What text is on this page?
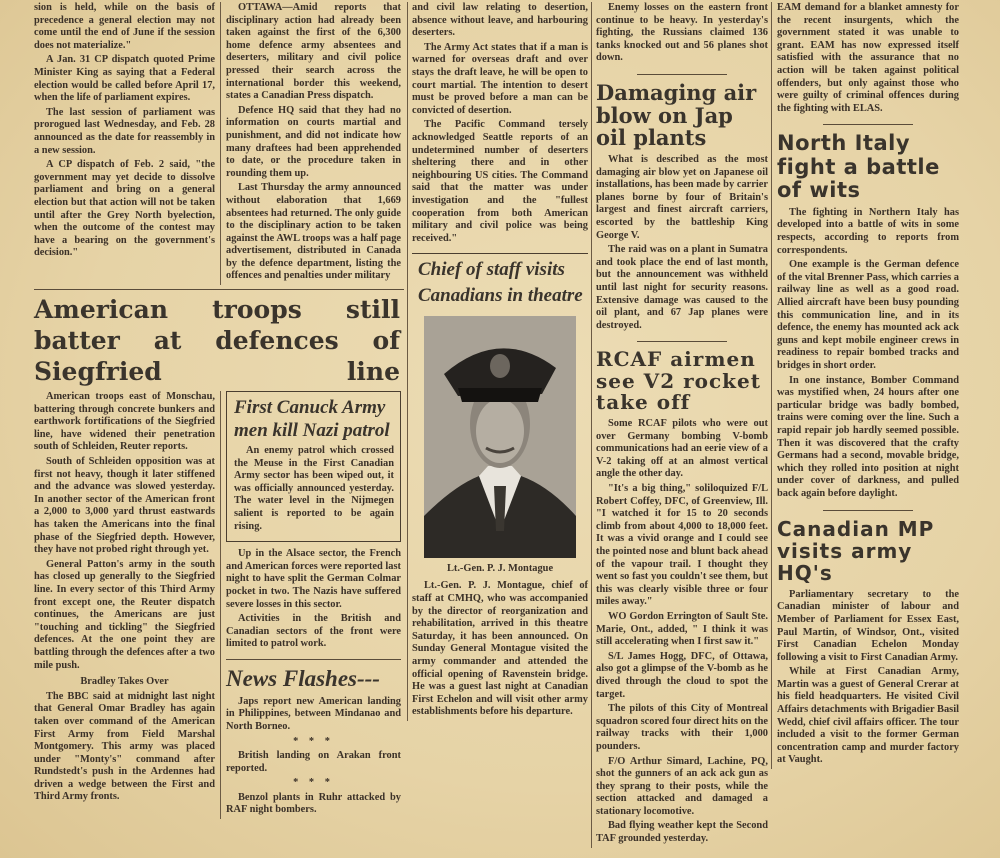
sion is held, while on the basis of precedence a general election may not come until the end of June if the session does not materialize."

A Jan. 31 CP dispatch quoted Prime Minister King as saying that a Federal election would be called before April 17, when the life of parliament expires.

The last session of parliament was prorogued last Wednesday, and Feb. 28 announced as the date for reassembly in a new session.

A CP dispatch of Feb. 2 said, "the government may yet decide to dissolve parliament and bring on a general election but that action will not be taken until after the Grey North byelection, when the outcome of the contest may have a bearing on the government's decision."

OTTAWA—Amid reports that disciplinary action had already been taken against the first of the 6,300 home defence army absentees and deserters, military and civil police pressed their search across the international border this weekend, states a Canadian Press dispatch.

Defence HQ said that they had no information on courts martial and punishment, and did not indicate how many draftees had been apprehended to date, or the procedure taken in rounding them up.

Last Thursday the army announced without elaboration that 1,669 absentees had returned. The only guide to the disciplinary action to be taken against the AWL troops was a half page advertisement, distributed in Canada by the defence department, listing the offences and penalties under military

American troops still batter at defences of Siegfried line

American troops east of Monschau, battering through concrete bunkers and earthwork fortifications of the Siegfried line, have widened their penetration south of Schleiden, Reuter reports.

South of Schleiden opposition was at first not heavy, though it later stiffened and the advance was slowed yesterday. In another sector of the American front a 2,000 to 3,000 yard thrust eastwards has taken the Americans into the final phase of the Siegfried depth. However, they have not probed right through yet.

General Patton's army in the south has closed up generally to the Siegfried line. In every sector of this Third Army front except one, the Reuter dispatch continues, the Americans are just "touching and tickling" the Siegfried defences. At the one point they are battling through the defences after a two mile push.

Bradley Takes Over

The BBC said at midnight last night that General Omar Bradley has again taken over command of the American First Army from Field Marshal Montgomery. This army was placed under "Monty's" command after Rundstedt's push in the Ardennes had driven a wedge between the First and Third Army fronts.

First Canuck Army men kill Nazi patrol

An enemy patrol which crossed the Meuse in the First Canadian Army sector has been wiped out, it was officially announced yesterday. The water level in the Nijmegen salient is reported to be again rising.

Up in the Alsace sector, the French and American forces were reported last night to have split the German Colmar pocket in two. The Nazis have suffered severe losses in this sector.

Activities in the British and Canadian sectors of the front were limited to patrol work.

News Flashes---

Japs report new American landing in Philippines, between Mindanao and North Borneo.

* * *

British landing on Arakan front reported.

* * *

Benzol plants in Ruhr attacked by RAF night bombers.

and civil law relating to desertion, absence without leave, and harbouring deserters.

The Army Act states that if a man is warned for overseas draft and over stays the draft leave, he will be open to court martial. The intention to desert must be proved before a man can be convicted of desertion.

The Pacific Command tersely acknowledged Seattle reports of an undetermined number of deserters sheltering there and in other neighbouring US cities. The Command said that the matter was under investigation and the "fullest cooperation from both American military and civil police was being received."

Chief of staff visits
Canadians in theatre
Lt.-Gen. P. J. Montague

Lt.-Gen. P. J. Montague, chief of staff at CMHQ, who was accompanied by the director of reorganization and rehabilitation, arrived in this theatre Saturday, it has been announced. On Sunday General Montague visited the army commander and attended the official opening of Ravenstein bridge. He was a guest last night at Canadian First Echelon and will visit other army establishments before his departure.

Enemy losses on the eastern front continue to be heavy. In yesterday's fighting, the Russians claimed 136 tanks knocked out and 56 planes shot down.

Damaging air blow on Jap oil plants

What is described as the most damaging air blow yet on Japanese oil installations, has been made by carrier planes borne by four of Britain's largest and finest aircraft carriers, escorted by the battleship King George V.

The raid was on a plant in Sumatra and took place the end of last month, but the announcement was withheld until last night for security reasons. Extensive damage was caused to the oil plant, and 67 Jap planes were destroyed.

RCAF airmen see V2 rocket take off

Some RCAF pilots who were out over Germany bombing V-bomb communications had an eerie view of a V-2 taking off at an almost vertical angle the other day.

"It's a big thing," soliloquized F/L Robert Coffey, DFC, of Greenview, Ill. "I watched it for 15 to 20 seconds climb from about 4,000 to 18,000 feet. It was a vivid orange and I could see the pointed nose and blunt back ahead of the vapour trail. I thought they went so fast you couldn't see them, but this was clearly visible three or four miles away."

WO Gordon Errington of Sault Ste. Marie, Ont., added, " I think it was still accelerating when I first saw it."

S/L James Hogg, DFC, of Ottawa, also got a glimpse of the V-bomb as he dived through the cloud to spot the target.

The pilots of this City of Montreal squadron scored four direct hits on the railway tracks with their 1,000 pounders.

F/O Arthur Simard, Lachine, PQ, shot the gunners of an ack ack gun as they sprang to their posts, while the section attacked and damaged a stationary locomotive.

Bad flying weather kept the Second TAF grounded yesterday.

EAM demand for a blanket amnesty for the recent insurgents, which the government stated it was unable to grant. EAM has now expressed itself satisfied with the assurance that no action will be taken against political offenders, but only against those who were guilty of criminal offences during the fighting with ELAS.

North Italy fight a battle of wits

The fighting in Northern Italy has developed into a battle of wits in some respects, according to reports from correspondents.

One example is the German defence of the vital Brenner Pass, which carries a railway line as well as a good road. Allied aircraft have been busy pounding this communication line, and in its defence, the enemy has mounted ack ack guns and kept mobile engineer crews in readiness to repair bombed tracks and bridges in short order.

In one instance, Bomber Command was mystified when, 24 hours after one particular bridge was badly bombed, trains were coming over the line. Such a rapid repair job hardly seemed possible. Then it was discovered that the crafty Germans had a second, movable bridge, which they rolled into position at night under cover of darkness, and pulled back again before daylight.

Canadian MP visits army HQ's

Parliamentary secretary to the Canadian minister of labour and Member of Parliament for Essex East, Paul Martin, of Windsor, Ont., visited First Canadian Echelon Monday following a visit to First Canadian Army.

While at First Canadian Army, Martin was a guest of General Crerar at his field headquarters. He visited Civil Affairs detachments with Brigadier Basil Wedd, chief civil affairs officer. The tour included a visit to the former German concentration camp and murder factory at Vaught.
